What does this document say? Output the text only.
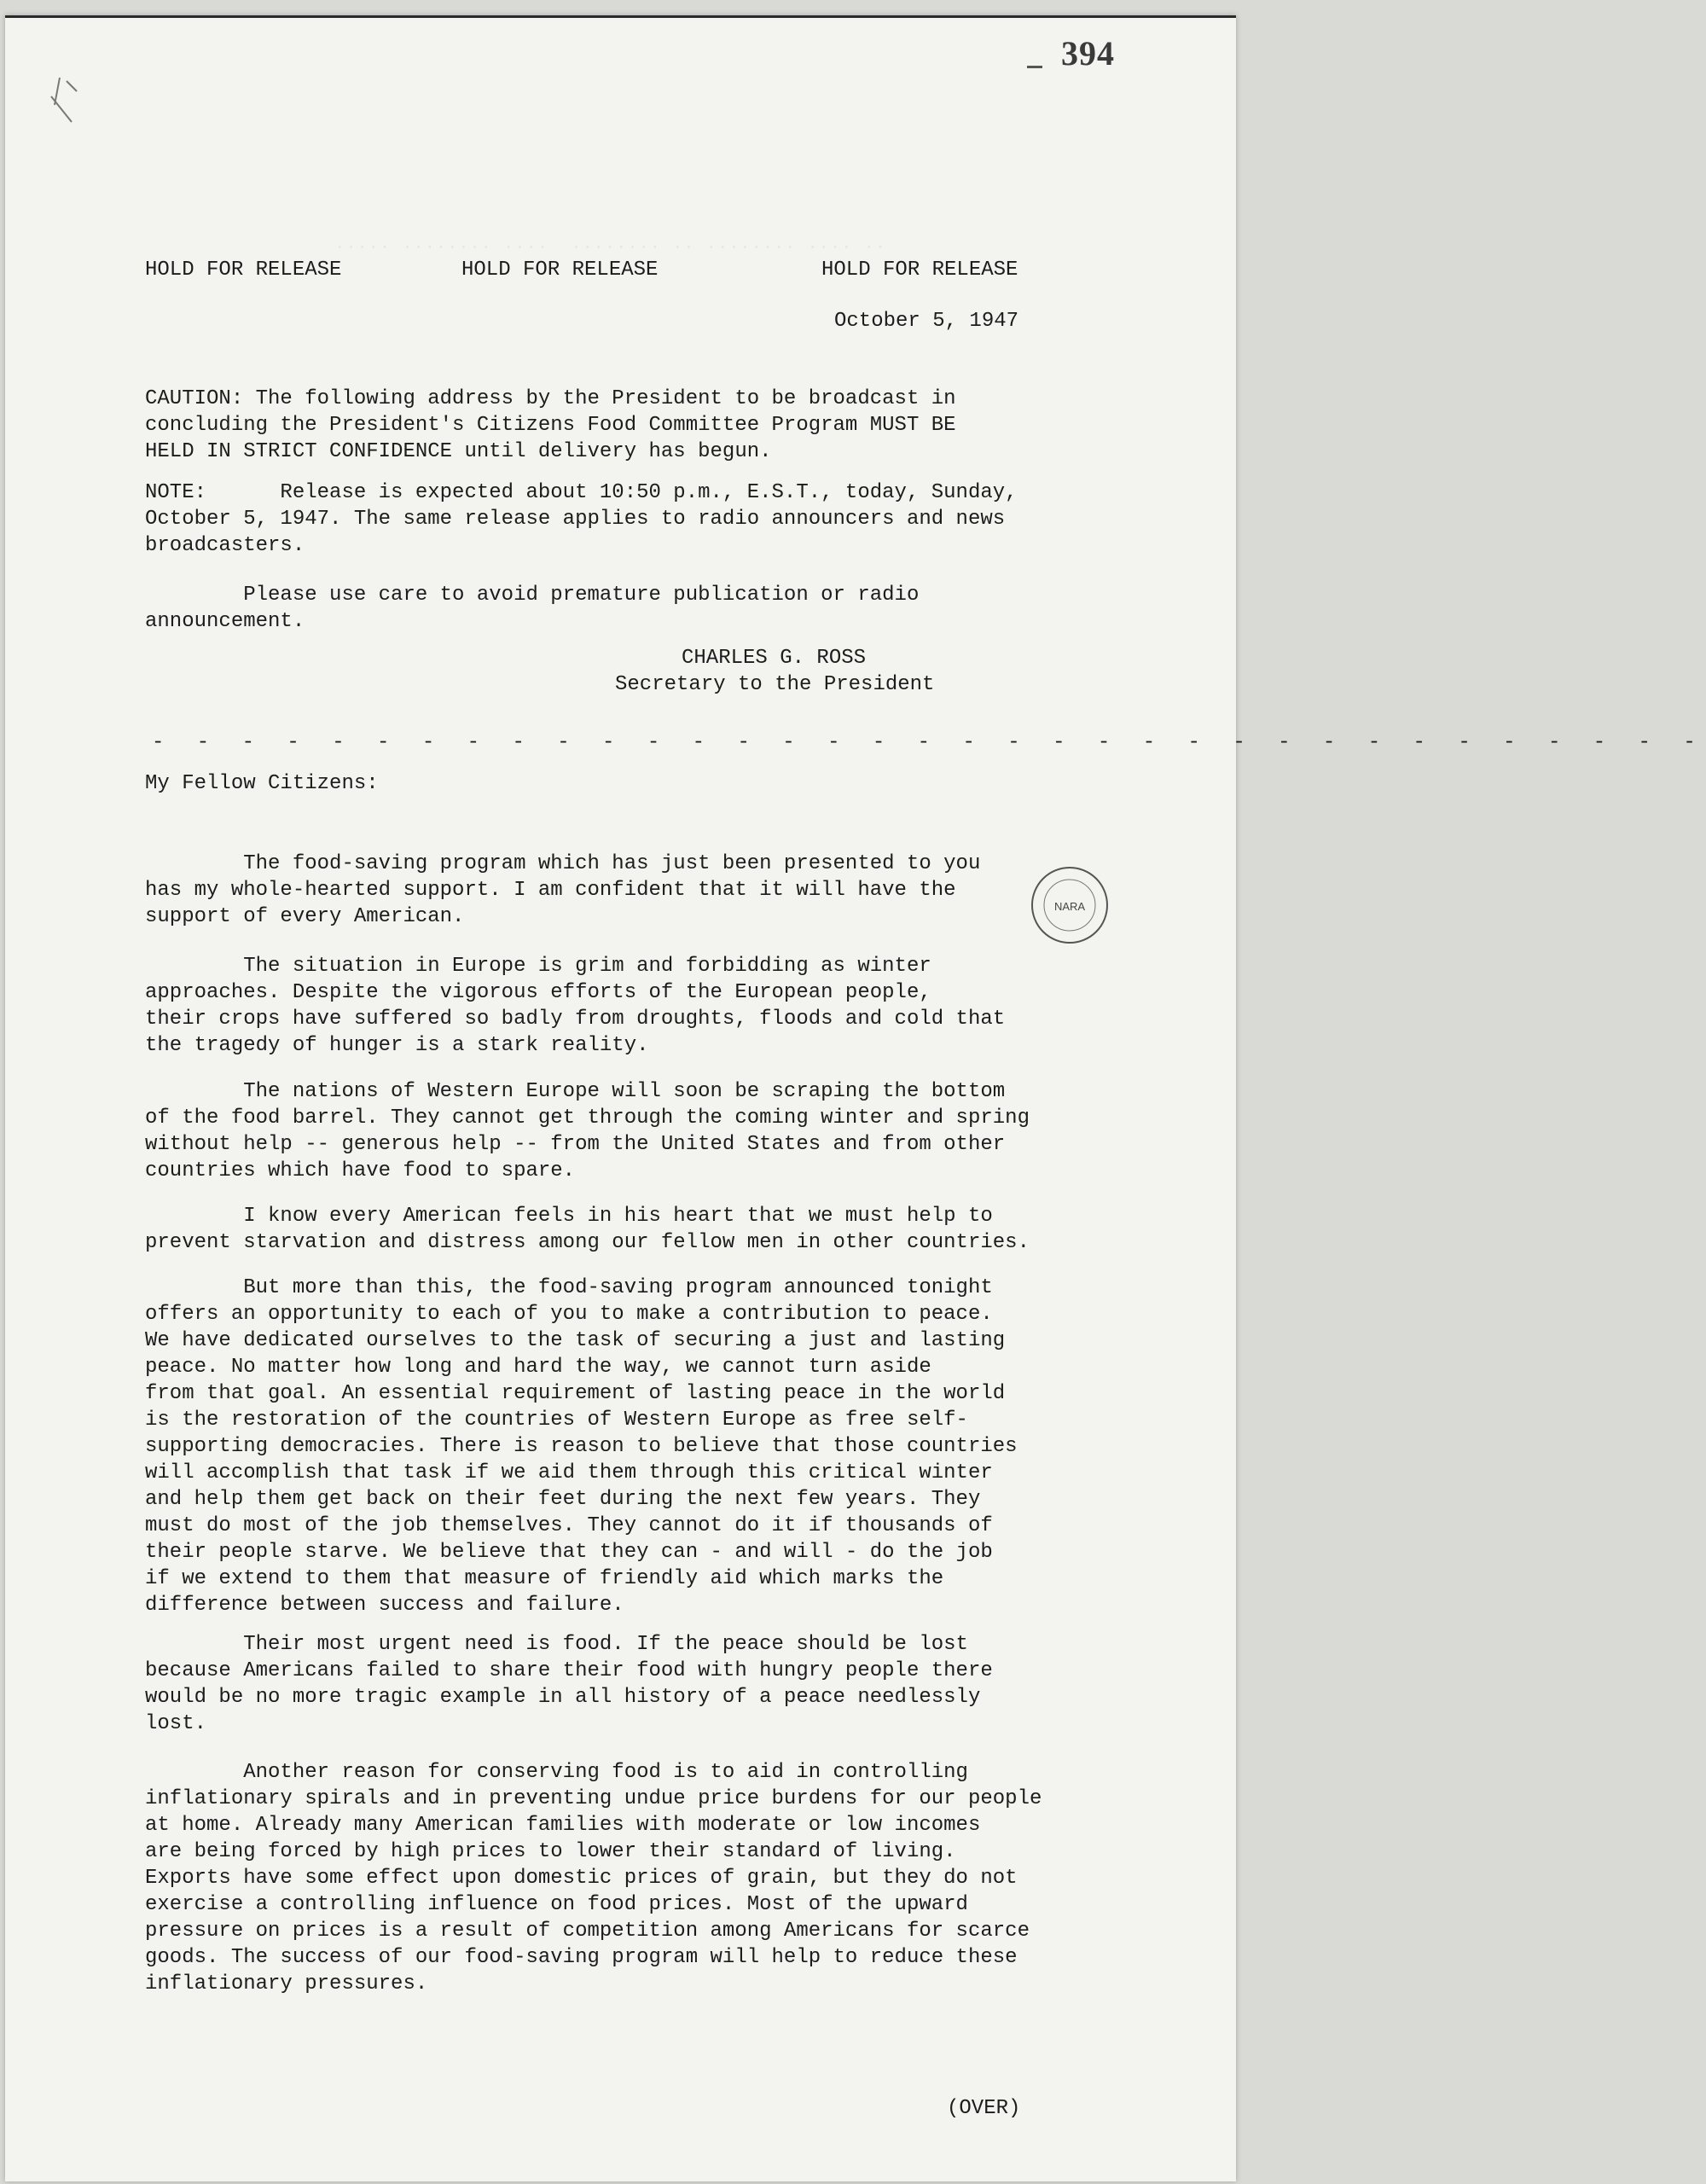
394
..... ........ ....  ........ .. ........ .... ..
HOLD FOR RELEASE	HOLD FOR RELEASE	HOLD FOR RELEASE
October 5, 1947

CAUTION: The following address by the President to be broadcast in
concluding the President's Citizens Food Committee Program MUST BE
HELD IN STRICT CONFIDENCE until delivery has begun.

NOTE:      Release is expected about 10:50 p.m., E.S.T., today, Sunday,
October 5, 1947. The same release applies to radio announcers and news
broadcasters.

Please use care to avoid premature publication or radio
announcement.
CHARLES G. ROSS
Secretary to the President
- - - - - - - - - - - - - - - - - - - - - - - - - - - - - - - - - - -
My Fellow Citizens:

The food-saving program which has just been presented to you
has my whole-hearted support. I am confident that it will have the
support of every American.	NARA

The situation in Europe is grim and forbidding as winter
approaches. Despite the vigorous efforts of the European people,
their crops have suffered so badly from droughts, floods and cold that
the tragedy of hunger is a stark reality.

The nations of Western Europe will soon be scraping the bottom
of the food barrel. They cannot get through the coming winter and spring
without help -- generous help -- from the United States and from other
countries which have food to spare.

I know every American feels in his heart that we must help to
prevent starvation and distress among our fellow men in other countries.

But more than this, the food-saving program announced tonight
offers an opportunity to each of you to make a contribution to peace.
We have dedicated ourselves to the task of securing a just and lasting
peace. No matter how long and hard the way, we cannot turn aside
from that goal. An essential requirement of lasting peace in the world
is the restoration of the countries of Western Europe as free self-
supporting democracies. There is reason to believe that those countries
will accomplish that task if we aid them through this critical winter
and help them get back on their feet during the next few years. They
must do most of the job themselves. They cannot do it if thousands of
their people starve. We believe that they can - and will - do the job
if we extend to them that measure of friendly aid which marks the
difference between success and failure.

Their most urgent need is food. If the peace should be lost
because Americans failed to share their food with hungry people there
would be no more tragic example in all history of a peace needlessly
lost.

Another reason for conserving food is to aid in controlling
inflationary spirals and in preventing undue price burdens for our people
at home. Already many American families with moderate or low incomes
are being forced by high prices to lower their standard of living.
Exports have some effect upon domestic prices of grain, but they do not
exercise a controlling influence on food prices. Most of the upward
pressure on prices is a result of competition among Americans for scarce
goods. The success of our food-saving program will help to reduce these
inflationary pressures.
(OVER)
